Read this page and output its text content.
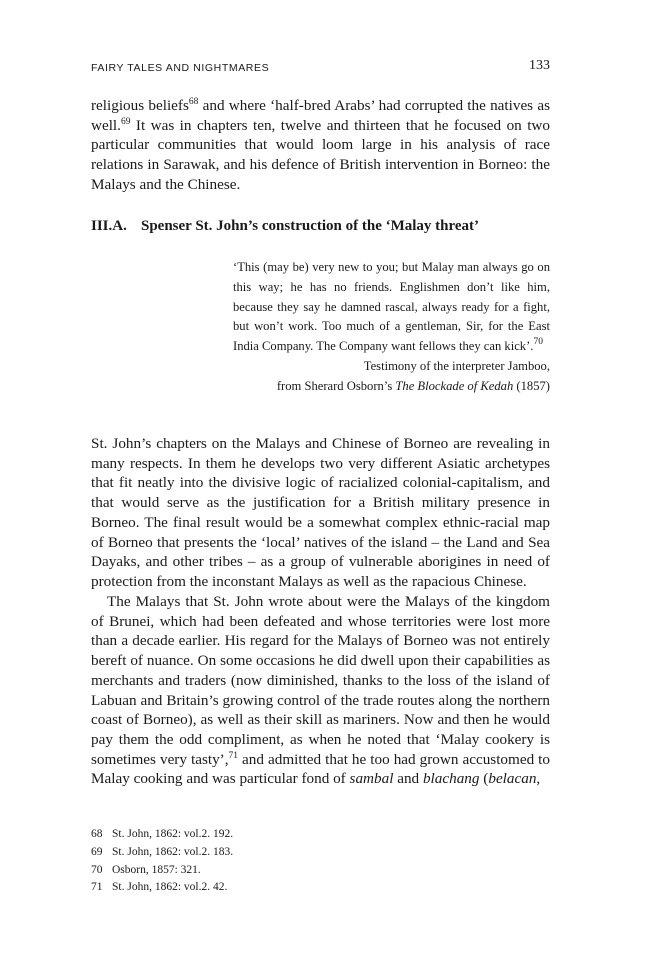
FAIRY TALES AND NIGHTMARES	133

religious beliefs$^{68}$ and where ‘half-bred Arabs’ had corrupted the natives as well.$^{69}$ It was in chapters ten, twelve and thirteen that he focused on two particular communities that would loom large in his analysis of race relations in Sarawak, and his defence of British intervention in Borneo: the Malays and the Chinese.

III.A. Spenser St. John’s construction of the ‘Malay threat’

‘This (may be) very new to you; but Malay man always go on this way; he has no friends. Englishmen don’t like him, because they say he damned rascal, always ready for a fight, but won’t work. Too much of a gentleman, Sir, for the East India Company. The Company want fellows they can kick’.$^{70}$

Testimony of the interpreter Jamboo,

from Sherard Osborn’s The Blockade of Kedah (1857)

St. John’s chapters on the Malays and Chinese of Borneo are revealing in many respects. In them he develops two very different Asiatic archetypes that fit neatly into the divisive logic of racialized colonial-capitalism, and that would serve as the justification for a British military presence in Borneo. The final result would be a somewhat complex ethnic-racial map of Borneo that presents the ‘local’ natives of the island – the Land and Sea Dayaks, and other tribes – as a group of vulnerable aborigines in need of protection from the inconstant Malays as well as the rapacious Chinese.

The Malays that St. John wrote about were the Malays of the kingdom of Brunei, which had been defeated and whose territories were lost more than a decade earlier. His regard for the Malays of Borneo was not entirely bereft of nuance. On some occasions he did dwell upon their capabilities as merchants and traders (now diminished, thanks to the loss of the island of Labuan and Britain’s growing control of the trade routes along the northern coast of Borneo), as well as their skill as mariners. Now and then he would pay them the odd compliment, as when he noted that ‘Malay cookery is sometimes very tasty’,$^{71}$ and admitted that he too had grown accustomed to Malay cooking and was particular fond of sambal and blachang (belacan,

68 St. John, 1862: vol.2. 192.
69 St. John, 1862: vol.2. 183.
70 Osborn, 1857: 321.
71 St. John, 1862: vol.2. 42.
